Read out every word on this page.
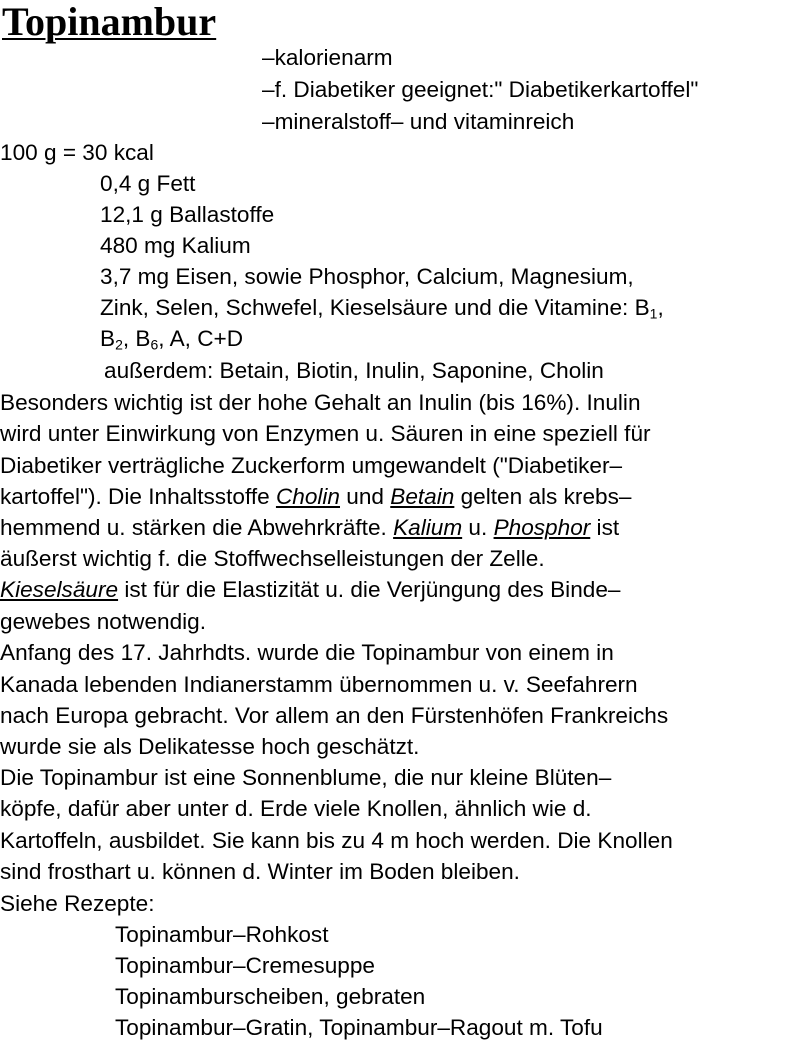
Topinambur

–kalorienarm

–f. Diabetiker geeignet:" Diabetikerkartoffel"

–mineralstoff– und vitaminreich

100 g = 30 kcal

0,4 g Fett

12,1 g Ballastoffe

480 mg Kalium

3,7 mg Eisen, sowie Phosphor, Calcium, Magnesium,

Zink, Selen, Schwefel, Kieselsäure und die Vitamine: $B_1$,

$B_2$, $B_6$, A, C+D

außerdem: Betain, Biotin, Inulin, Saponine, Cholin

Besonders wichtig ist der hohe Gehalt an Inulin (bis 16%). Inulin

wird unter Einwirkung von Enzymen u. Säuren in eine speziell für

Diabetiker verträgliche Zuckerform umgewandelt ("Diabetiker–

kartoffel"). Die Inhaltsstoffe Cholin und Betain gelten als krebs–

hemmend u. stärken die Abwehrkräfte. Kalium u. Phosphor ist

äußerst wichtig f. die Stoffwechselleistungen der Zelle.

Kieselsäure ist für die Elastizität u. die Verjüngung des Binde–

gewebes notwendig.

Anfang des 17. Jahrhdts. wurde die Topinambur von einem in

Kanada lebenden Indianerstamm übernommen u. v. Seefahrern

nach Europa gebracht. Vor allem an den Fürstenhöfen Frankreichs

wurde sie als Delikatesse hoch geschätzt.

Die Topinambur ist eine Sonnenblume, die nur kleine Blüten–

köpfe, dafür aber unter d. Erde viele Knollen, ähnlich wie d.

Kartoffeln, ausbildet. Sie kann bis zu 4 m hoch werden. Die Knollen

sind frosthart u. können d. Winter im Boden bleiben.

Siehe Rezepte:

Topinambur–Rohkost

Topinambur–Cremesuppe

Topinamburscheiben, gebraten

Topinambur–Gratin, Topinambur–Ragout m. Tofu
